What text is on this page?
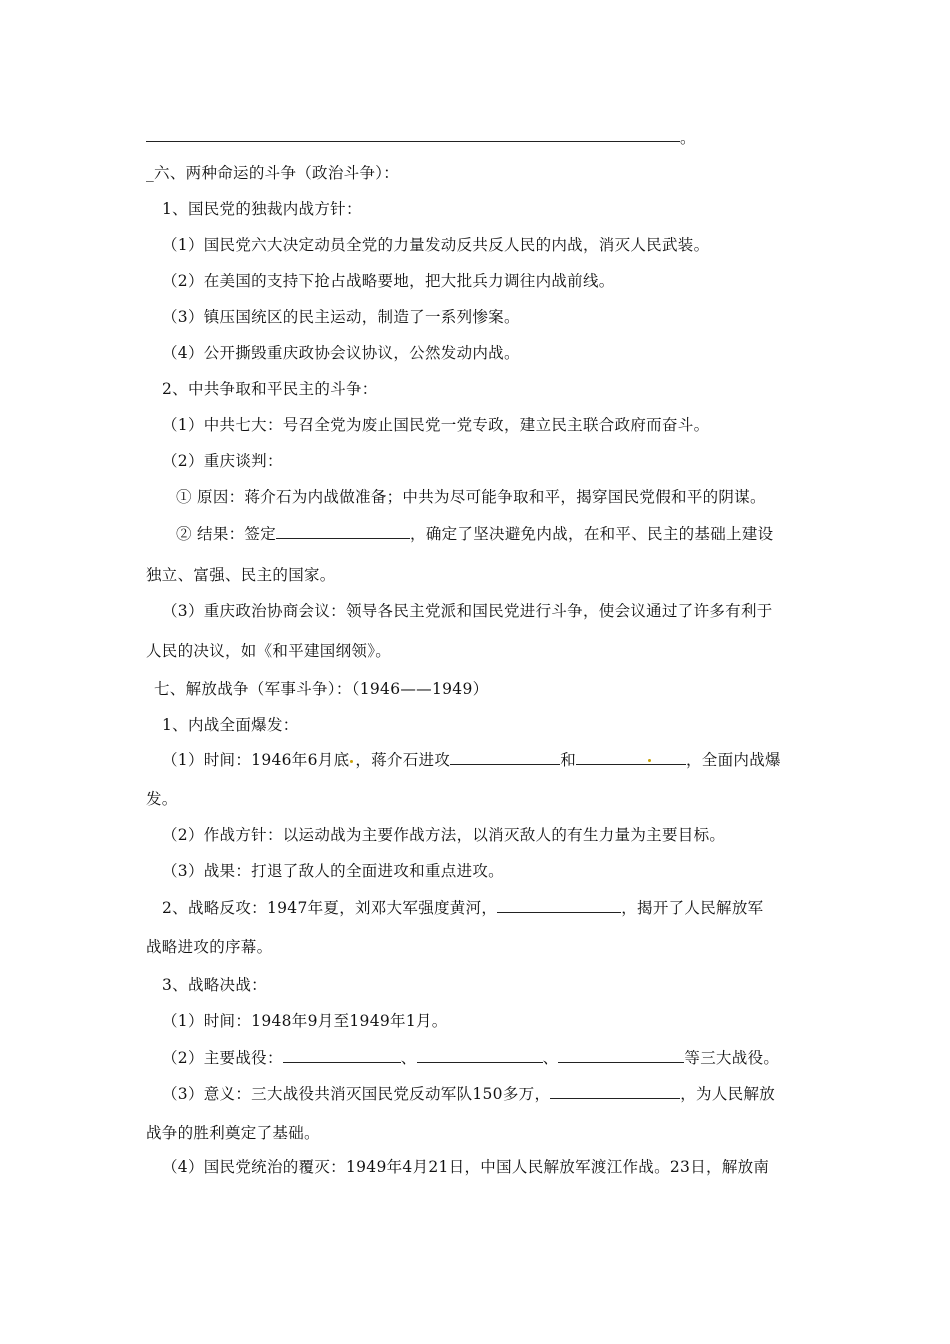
。
_六、两种命运的斗争（政治斗争）：
1、国民党的独裁内战方针：
（1）国民党六大决定动员全党的力量发动反共反人民的内战，消灭人民武装。
（2）在美国的支持下抢占战略要地，把大批兵力调往内战前线。
（3）镇压国统区的民主运动，制造了一系列惨案。
（4）公开撕毁重庆政协会议协议，公然发动内战。
2、中共争取和平民主的斗争：
（1）中共七大：号召全党为废止国民党一党专政，建立民主联合政府而奋斗。
（2）重庆谈判：
① 原因：蒋介石为内战做准备；中共为尽可能争取和平，揭穿国民党假和平的阴谋。
② 结果：签定	，确定了坚决避免内战，在和平、民主的基础上建设
独立、富强、民主的国家。
（3）重庆政治协商会议：领导各民主党派和国民党进行斗争，使会议通过了许多有利于
人民的决议，如《和平建国纲领》。
七、解放战争（军事斗争）：（1946——1949）
1、内战全面爆发：
（1）时间：1946年6月底 ，蒋介石进攻	和	，全面内战爆
发。
（2）作战方针：以运动战为主要作战方法，以消灭敌人的有生力量为主要目标。
（3）战果：打退了敌人的全面进攻和重点进攻。
2、战略反攻：1947年夏，刘邓大军强度黄河，	，揭开了人民解放军
战略进攻的序幕。
3、战略决战：
（1）时间：1948年9月至1949年1月。
（2）主要战役：	、	、	等三大战役。
（3）意义：三大战役共消灭国民党反动军队150多万，	，为人民解放
战争的胜利奠定了基础。
（4）国民党统治的覆灭：1949年4月21日，中国人民解放军渡江作战。23日，解放南
